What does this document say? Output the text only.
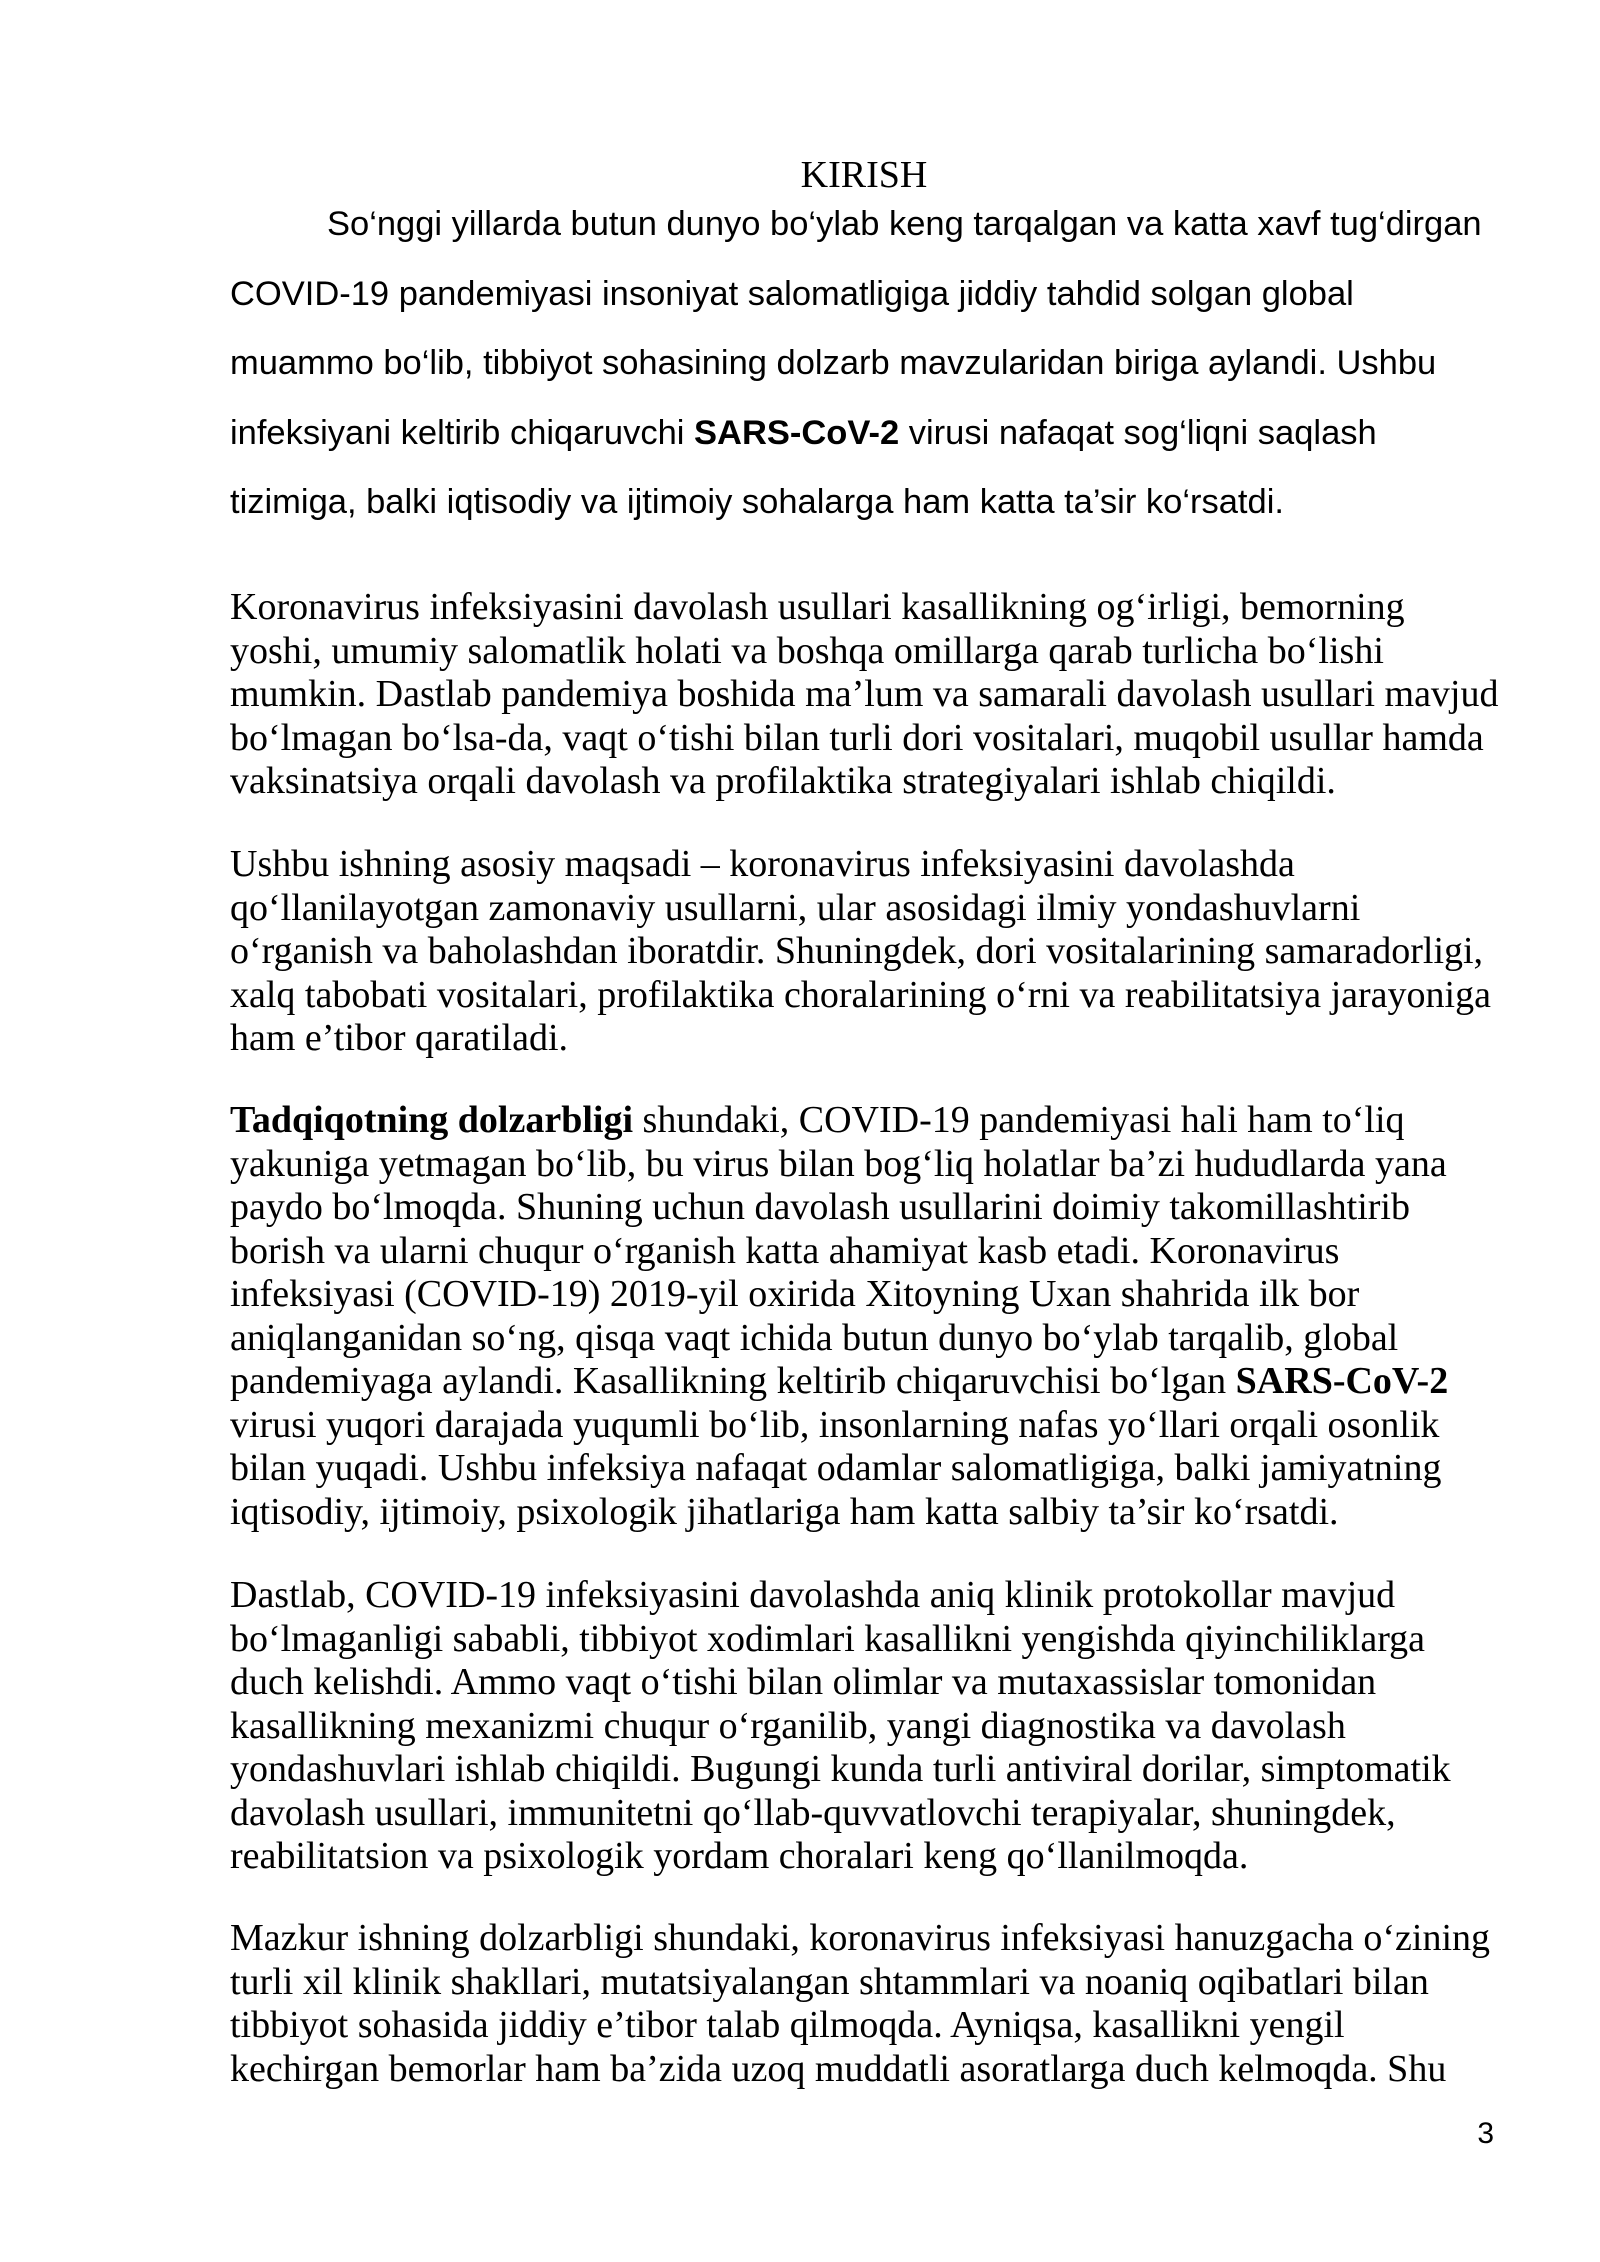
KIRISH
So‘nggi yillarda butun dunyo bo‘ylab keng tarqalgan va katta xavf tug‘dirgan
COVID-19 pandemiyasi insoniyat salomatligiga jiddiy tahdid solgan global
muammo bo‘lib, tibbiyot sohasining dolzarb mavzularidan biriga aylandi. Ushbu
infeksiyani keltirib chiqaruvchi SARS-CoV-2 virusi nafaqat sog‘liqni saqlash
tizimiga, balki iqtisodiy va ijtimoiy sohalarga ham katta ta’sir ko‘rsatdi.
Koronavirus infeksiyasini davolash usullari kasallikning og‘irligi, bemorning
yoshi, umumiy salomatlik holati va boshqa omillarga qarab turlicha bo‘lishi
mumkin. Dastlab pandemiya boshida ma’lum va samarali davolash usullari mavjud
bo‘lmagan bo‘lsa-da, vaqt o‘tishi bilan turli dori vositalari, muqobil usullar hamda
vaksinatsiya orqali davolash va profilaktika strategiyalari ishlab chiqildi.
Ushbu ishning asosiy maqsadi – koronavirus infeksiyasini davolashda
qo‘llanilayotgan zamonaviy usullarni, ular asosidagi ilmiy yondashuvlarni
o‘rganish va baholashdan iboratdir. Shuningdek, dori vositalarining samaradorligi,
xalq tabobati vositalari, profilaktika choralarining o‘rni va reabilitatsiya jarayoniga
ham e’tibor qaratiladi.
Tadqiqotning dolzarbligi shundaki, COVID-19 pandemiyasi hali ham to‘liq
yakuniga yetmagan bo‘lib, bu virus bilan bog‘liq holatlar ba’zi hududlarda yana
paydo bo‘lmoqda. Shuning uchun davolash usullarini doimiy takomillashtirib
borish va ularni chuqur o‘rganish katta ahamiyat kasb etadi. Koronavirus
infeksiyasi (COVID-19) 2019-yil oxirida Xitoyning Uxan shahrida ilk bor
aniqlanganidan so‘ng, qisqa vaqt ichida butun dunyo bo‘ylab tarqalib, global
pandemiyaga aylandi. Kasallikning keltirib chiqaruvchisi bo‘lgan SARS-CoV-2
virusi yuqori darajada yuqumli bo‘lib, insonlarning nafas yo‘llari orqali osonlik
bilan yuqadi. Ushbu infeksiya nafaqat odamlar salomatligiga, balki jamiyatning
iqtisodiy, ijtimoiy, psixologik jihatlariga ham katta salbiy ta’sir ko‘rsatdi.
Dastlab, COVID-19 infeksiyasini davolashda aniq klinik protokollar mavjud
bo‘lmaganligi sababli, tibbiyot xodimlari kasallikni yengishda qiyinchiliklarga
duch kelishdi. Ammo vaqt o‘tishi bilan olimlar va mutaxassislar tomonidan
kasallikning mexanizmi chuqur o‘rganilib, yangi diagnostika va davolash
yondashuvlari ishlab chiqildi. Bugungi kunda turli antiviral dorilar, simptomatik
davolash usullari, immunitetni qo‘llab-quvvatlovchi terapiyalar, shuningdek,
reabilitatsion va psixologik yordam choralari keng qo‘llanilmoqda.
Mazkur ishning dolzarbligi shundaki, koronavirus infeksiyasi hanuzgacha o‘zining
turli xil klinik shakllari, mutatsiyalangan shtammlari va noaniq oqibatlari bilan
tibbiyot sohasida jiddiy e’tibor talab qilmoqda. Ayniqsa, kasallikni yengil
kechirgan bemorlar ham ba’zida uzoq muddatli asoratlarga duch kelmoqda. Shu
3
